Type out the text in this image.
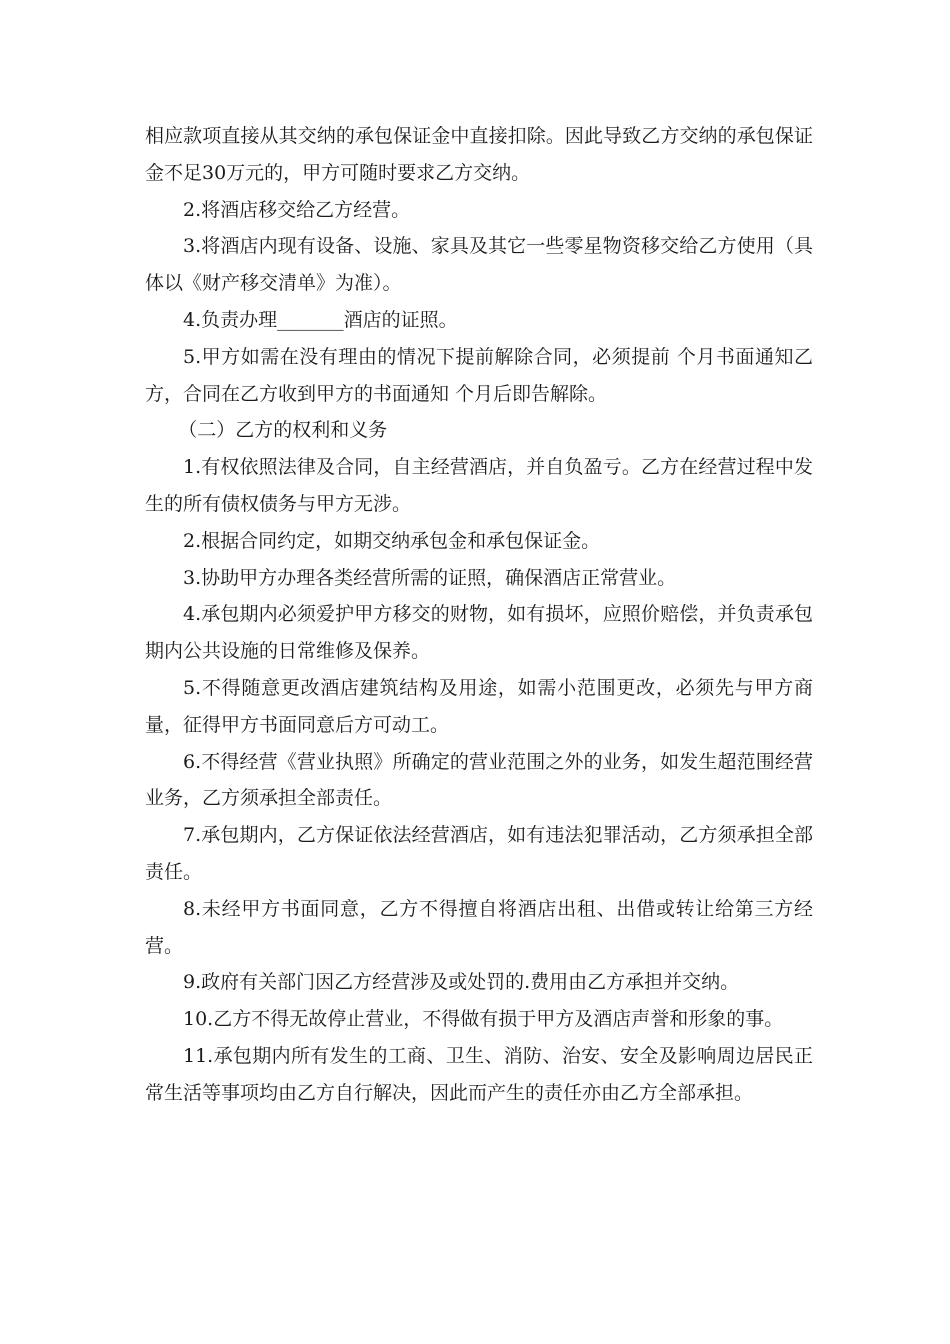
相应款项直接从其交纳的承包保证金中直接扣除。因此导致乙方交纳的承包保证金不足30万元的，甲方可随时要求乙方交纳。

2.将酒店移交给乙方经营。

3.将酒店内现有设备、设施、家具及其它一些零星物资移交给乙方使用（具体以《财产移交清单》为准）。

4.负责办理_______酒店的证照。

5.甲方如需在没有理由的情况下提前解除合同，必须提前 个月书面通知乙方，合同在乙方收到甲方的书面通知 个月后即告解除。

（二）乙方的权利和义务

1.有权依照法律及合同，自主经营酒店，并自负盈亏。乙方在经营过程中发生的所有债权债务与甲方无涉。

2.根据合同约定，如期交纳承包金和承包保证金。

3.协助甲方办理各类经营所需的证照，确保酒店正常营业。

4.承包期内必须爱护甲方移交的财物，如有损坏，应照价赔偿，并负责承包期内公共设施的日常维修及保养。

5.不得随意更改酒店建筑结构及用途，如需小范围更改，必须先与甲方商量，征得甲方书面同意后方可动工。

6.不得经营《营业执照》所确定的营业范围之外的业务，如发生超范围经营业务，乙方须承担全部责任。

7.承包期内，乙方保证依法经营酒店，如有违法犯罪活动，乙方须承担全部责任。

8.未经甲方书面同意，乙方不得擅自将酒店出租、出借或转让给第三方经营。

9.政府有关部门因乙方经营涉及或处罚的.费用由乙方承担并交纳。

10.乙方不得无故停止营业，不得做有损于甲方及酒店声誉和形象的事。

11.承包期内所有发生的工商、卫生、消防、治安、安全及影响周边居民正常生活等事项均由乙方自行解决，因此而产生的责任亦由乙方全部承担。
